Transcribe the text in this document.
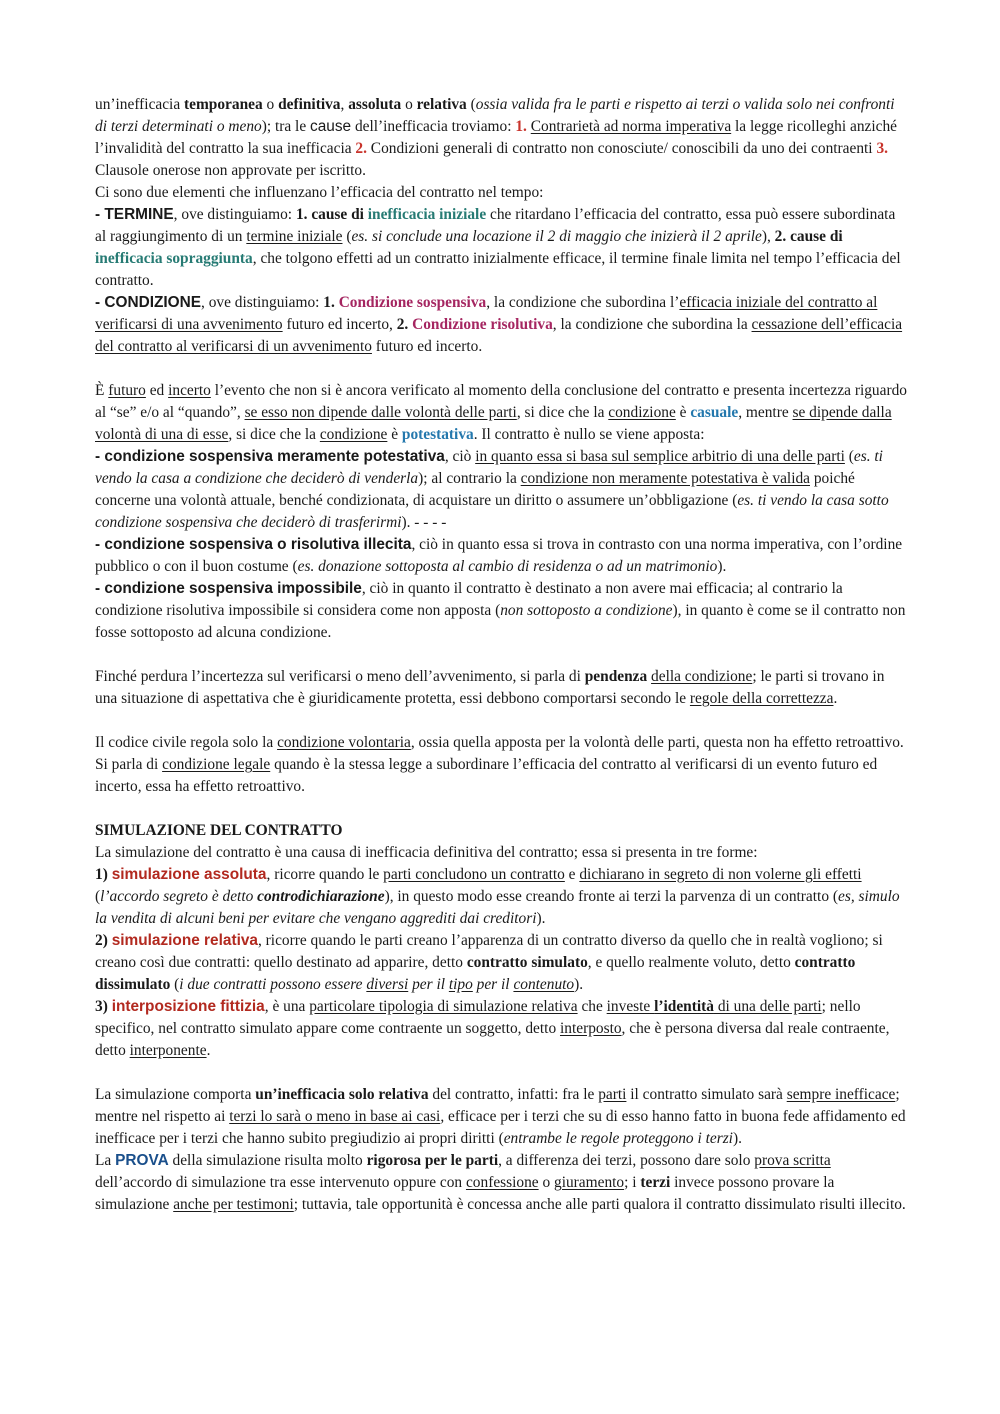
un’inefficacia temporanea o definitiva, assoluta o relativa (ossia valida fra le parti e rispetto ai terzi o valida solo nei confronti di terzi determinati o meno); tra le cause dell’inefficacia troviamo: 1. Contrarietà ad norma imperativa la legge ricolleghi anziché l’invalidità del contratto la sua inefficacia 2. Condizioni generali di contratto non conosciute/ conoscibili da uno dei contraenti 3. Clausole onerose non approvate per iscritto.

Ci sono due elementi che influenzano l’efficacia del contratto nel tempo:

- TERMINE, ove distinguiamo: 1. cause di inefficacia iniziale che ritardano l’efficacia del contratto, essa può essere subordinata al raggiungimento di un termine iniziale (es. si conclude una locazione il 2 di maggio che inizierà il 2 aprile), 2. cause di inefficacia sopraggiunta, che tolgono effetti ad un contratto inizialmente efficace, il termine finale limita nel tempo l’efficacia del contratto.

- CONDIZIONE, ove distinguiamo: 1. Condizione sospensiva, la condizione che subordina l’efficacia iniziale del contratto al verificarsi di una avvenimento futuro ed incerto, 2. Condizione risolutiva, la condizione che subordina la cessazione dell’efficacia del contratto al verificarsi di un avvenimento futuro ed incerto.

È futuro ed incerto l’evento che non si è ancora verificato al momento della conclusione del contratto e presenta incertezza riguardo al “se” e/o al “quando”, se esso non dipende dalle volontà delle parti, si dice che la condizione è casuale, mentre se dipende dalla volontà di una di esse, si dice che la condizione è potestativa. Il contratto è nullo se viene apposta:

- condizione sospensiva meramente potestativa, ciò in quanto essa si basa sul semplice arbitrio di una delle parti (es. ti vendo la casa a condizione che deciderò di venderla); al contrario la condizione non meramente potestativa è valida poiché concerne una volontà attuale, benché condizionata, di acquistare un diritto o assumere un’obbligazione (es. ti vendo la casa sotto condizione sospensiva che deciderò di trasferirmi). - - - -

- condizione sospensiva o risolutiva illecita, ciò in quanto essa si trova in contrasto con una norma imperativa, con l’ordine pubblico o con il buon costume (es. donazione sottoposta al cambio di residenza o ad un matrimonio).

- condizione sospensiva impossibile, ciò in quanto il contratto è destinato a non avere mai efficacia; al contrario la condizione risolutiva impossibile si considera come non apposta (non sottoposto a condizione), in quanto è come se il contratto non fosse sottoposto ad alcuna condizione.

Finché perdura l’incertezza sul verificarsi o meno dell’avvenimento, si parla di pendenza della condizione; le parti si trovano in una situazione di aspettativa che è giuridicamente protetta, essi debbono comportarsi secondo le regole della correttezza.

Il codice civile regola solo la condizione volontaria, ossia quella apposta per la volontà delle parti, questa non ha effetto retroattivo. Si parla di condizione legale quando è la stessa legge a subordinare l’efficacia del contratto al verificarsi di un evento futuro ed incerto, essa ha effetto retroattivo.

SIMULAZIONE DEL CONTRATTO

La simulazione del contratto è una causa di inefficacia definitiva del contratto; essa si presenta in tre forme:

1) simulazione assoluta, ricorre quando le parti concludono un contratto e dichiarano in segreto di non volerne gli effetti (l’accordo segreto è detto controdichiarazione), in questo modo esse creando fronte ai terzi la parvenza di un contratto (es, simulo la vendita di alcuni beni per evitare che vengano aggrediti dai creditori).

2) simulazione relativa, ricorre quando le parti creano l’apparenza di un contratto diverso da quello che in realtà vogliono; si creano così due contratti: quello destinato ad apparire, detto contratto simulato, e quello realmente voluto, detto contratto dissimulato (i due contratti possono essere diversi per il tipo per il contenuto).

3) interposizione fittizia, è una particolare tipologia di simulazione relativa che investe l’identità di una delle parti; nello specifico, nel contratto simulato appare come contraente un soggetto, detto interposto, che è persona diversa dal reale contraente, detto interponente.

La simulazione comporta un’inefficacia solo relativa del contratto, infatti: fra le parti il contratto simulato sarà sempre inefficace; mentre nel rispetto ai terzi lo sarà o meno in base ai casi, efficace per i terzi che su di esso hanno fatto in buona fede affidamento ed inefficace per i terzi che hanno subito pregiudizio ai propri diritti (entrambe le regole proteggono i terzi).

La PROVA della simulazione risulta molto rigorosa per le parti, a differenza dei terzi, possono dare solo prova scritta dell’accordo di simulazione tra esse intervenuto oppure con confessione o giuramento; i terzi invece possono provare la simulazione anche per testimoni; tuttavia, tale opportunità è concessa anche alle parti qualora il contratto dissimulato risulti illecito.
